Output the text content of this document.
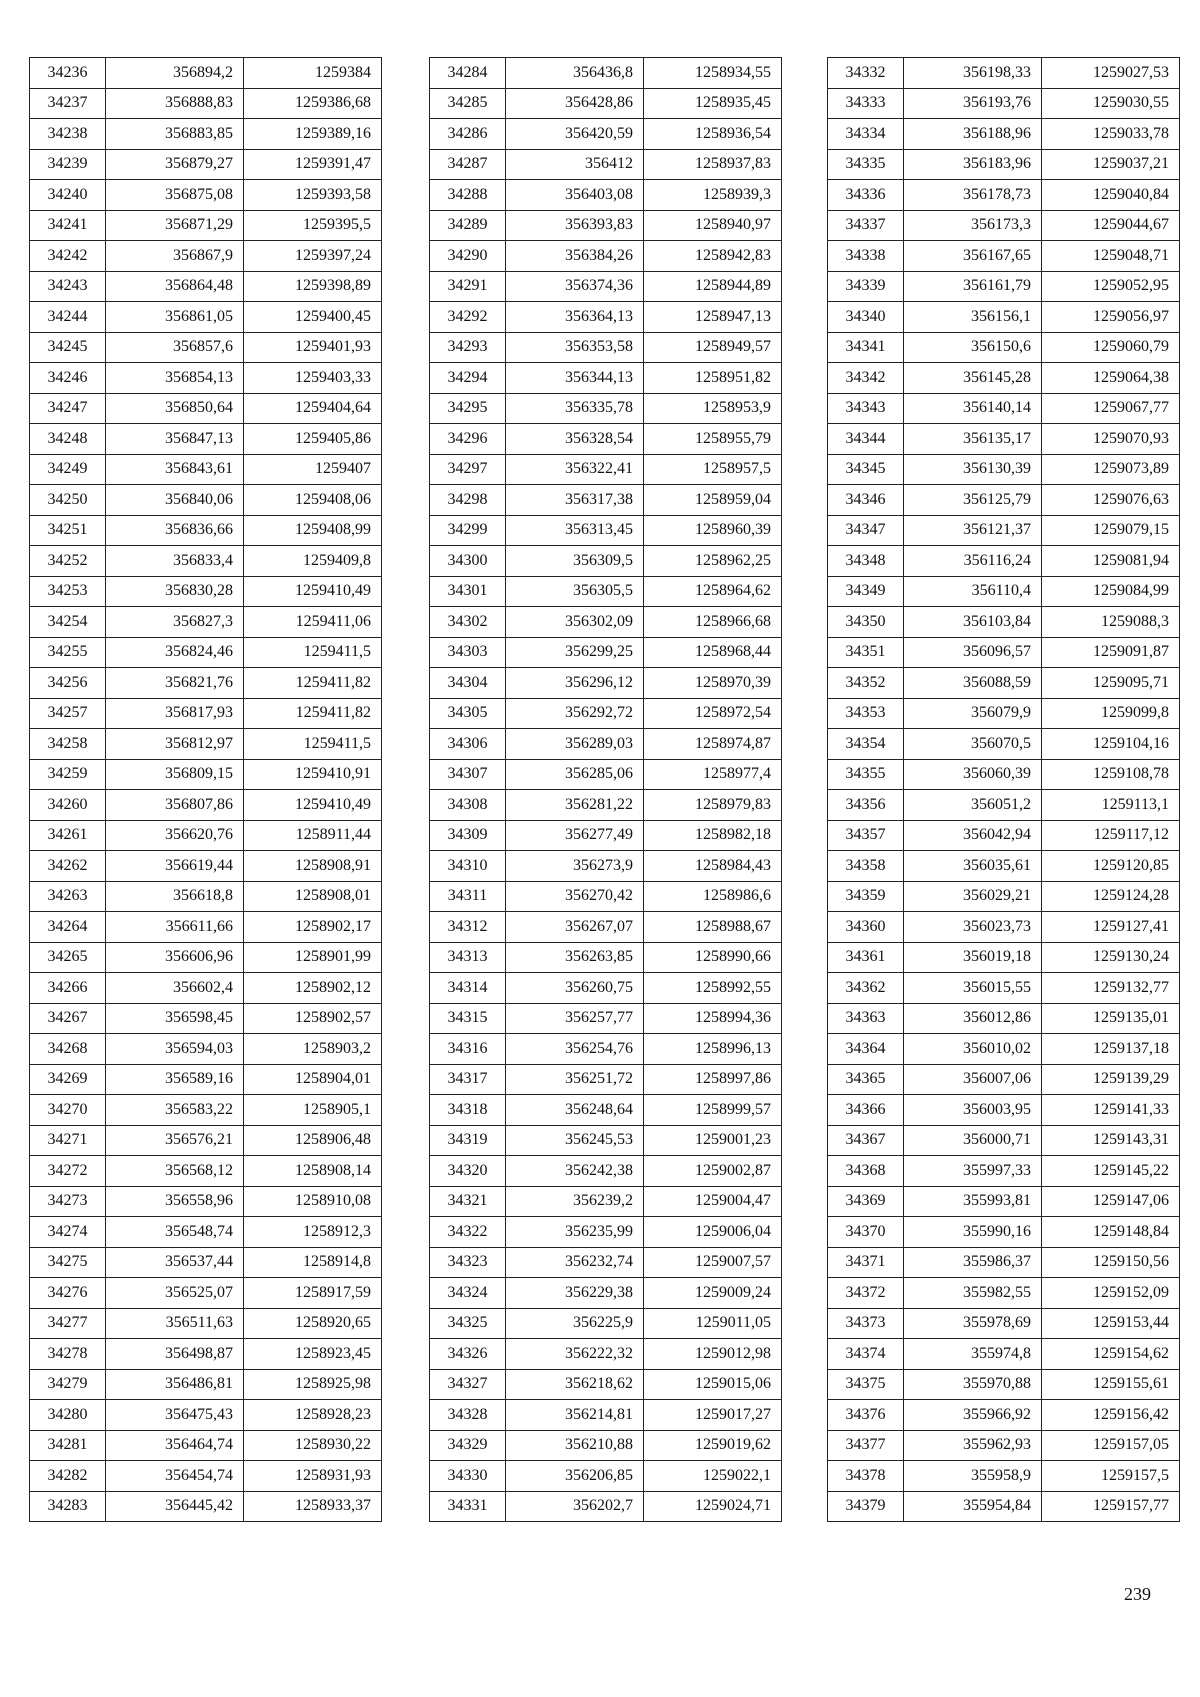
34236	356894,2	1259384
34237	356888,83	1259386,68
34238	356883,85	1259389,16
34239	356879,27	1259391,47
34240	356875,08	1259393,58
34241	356871,29	1259395,5
34242	356867,9	1259397,24
34243	356864,48	1259398,89
34244	356861,05	1259400,45
34245	356857,6	1259401,93
34246	356854,13	1259403,33
34247	356850,64	1259404,64
34248	356847,13	1259405,86
34249	356843,61	1259407
34250	356840,06	1259408,06
34251	356836,66	1259408,99
34252	356833,4	1259409,8
34253	356830,28	1259410,49
34254	356827,3	1259411,06
34255	356824,46	1259411,5
34256	356821,76	1259411,82
34257	356817,93	1259411,82
34258	356812,97	1259411,5
34259	356809,15	1259410,91
34260	356807,86	1259410,49
34261	356620,76	1258911,44
34262	356619,44	1258908,91
34263	356618,8	1258908,01
34264	356611,66	1258902,17
34265	356606,96	1258901,99
34266	356602,4	1258902,12
34267	356598,45	1258902,57
34268	356594,03	1258903,2
34269	356589,16	1258904,01
34270	356583,22	1258905,1
34271	356576,21	1258906,48
34272	356568,12	1258908,14
34273	356558,96	1258910,08
34274	356548,74	1258912,3
34275	356537,44	1258914,8
34276	356525,07	1258917,59
34277	356511,63	1258920,65
34278	356498,87	1258923,45
34279	356486,81	1258925,98
34280	356475,43	1258928,23
34281	356464,74	1258930,22
34282	356454,74	1258931,93
34283	356445,42	1258933,37
34284	356436,8	1258934,55
34285	356428,86	1258935,45
34286	356420,59	1258936,54
34287	356412	1258937,83
34288	356403,08	1258939,3
34289	356393,83	1258940,97
34290	356384,26	1258942,83
34291	356374,36	1258944,89
34292	356364,13	1258947,13
34293	356353,58	1258949,57
34294	356344,13	1258951,82
34295	356335,78	1258953,9
34296	356328,54	1258955,79
34297	356322,41	1258957,5
34298	356317,38	1258959,04
34299	356313,45	1258960,39
34300	356309,5	1258962,25
34301	356305,5	1258964,62
34302	356302,09	1258966,68
34303	356299,25	1258968,44
34304	356296,12	1258970,39
34305	356292,72	1258972,54
34306	356289,03	1258974,87
34307	356285,06	1258977,4
34308	356281,22	1258979,83
34309	356277,49	1258982,18
34310	356273,9	1258984,43
34311	356270,42	1258986,6
34312	356267,07	1258988,67
34313	356263,85	1258990,66
34314	356260,75	1258992,55
34315	356257,77	1258994,36
34316	356254,76	1258996,13
34317	356251,72	1258997,86
34318	356248,64	1258999,57
34319	356245,53	1259001,23
34320	356242,38	1259002,87
34321	356239,2	1259004,47
34322	356235,99	1259006,04
34323	356232,74	1259007,57
34324	356229,38	1259009,24
34325	356225,9	1259011,05
34326	356222,32	1259012,98
34327	356218,62	1259015,06
34328	356214,81	1259017,27
34329	356210,88	1259019,62
34330	356206,85	1259022,1
34331	356202,7	1259024,71
34332	356198,33	1259027,53
34333	356193,76	1259030,55
34334	356188,96	1259033,78
34335	356183,96	1259037,21
34336	356178,73	1259040,84
34337	356173,3	1259044,67
34338	356167,65	1259048,71
34339	356161,79	1259052,95
34340	356156,1	1259056,97
34341	356150,6	1259060,79
34342	356145,28	1259064,38
34343	356140,14	1259067,77
34344	356135,17	1259070,93
34345	356130,39	1259073,89
34346	356125,79	1259076,63
34347	356121,37	1259079,15
34348	356116,24	1259081,94
34349	356110,4	1259084,99
34350	356103,84	1259088,3
34351	356096,57	1259091,87
34352	356088,59	1259095,71
34353	356079,9	1259099,8
34354	356070,5	1259104,16
34355	356060,39	1259108,78
34356	356051,2	1259113,1
34357	356042,94	1259117,12
34358	356035,61	1259120,85
34359	356029,21	1259124,28
34360	356023,73	1259127,41
34361	356019,18	1259130,24
34362	356015,55	1259132,77
34363	356012,86	1259135,01
34364	356010,02	1259137,18
34365	356007,06	1259139,29
34366	356003,95	1259141,33
34367	356000,71	1259143,31
34368	355997,33	1259145,22
34369	355993,81	1259147,06
34370	355990,16	1259148,84
34371	355986,37	1259150,56
34372	355982,55	1259152,09
34373	355978,69	1259153,44
34374	355974,8	1259154,62
34375	355970,88	1259155,61
34376	355966,92	1259156,42
34377	355962,93	1259157,05
34378	355958,9	1259157,5
34379	355954,84	1259157,77
239
